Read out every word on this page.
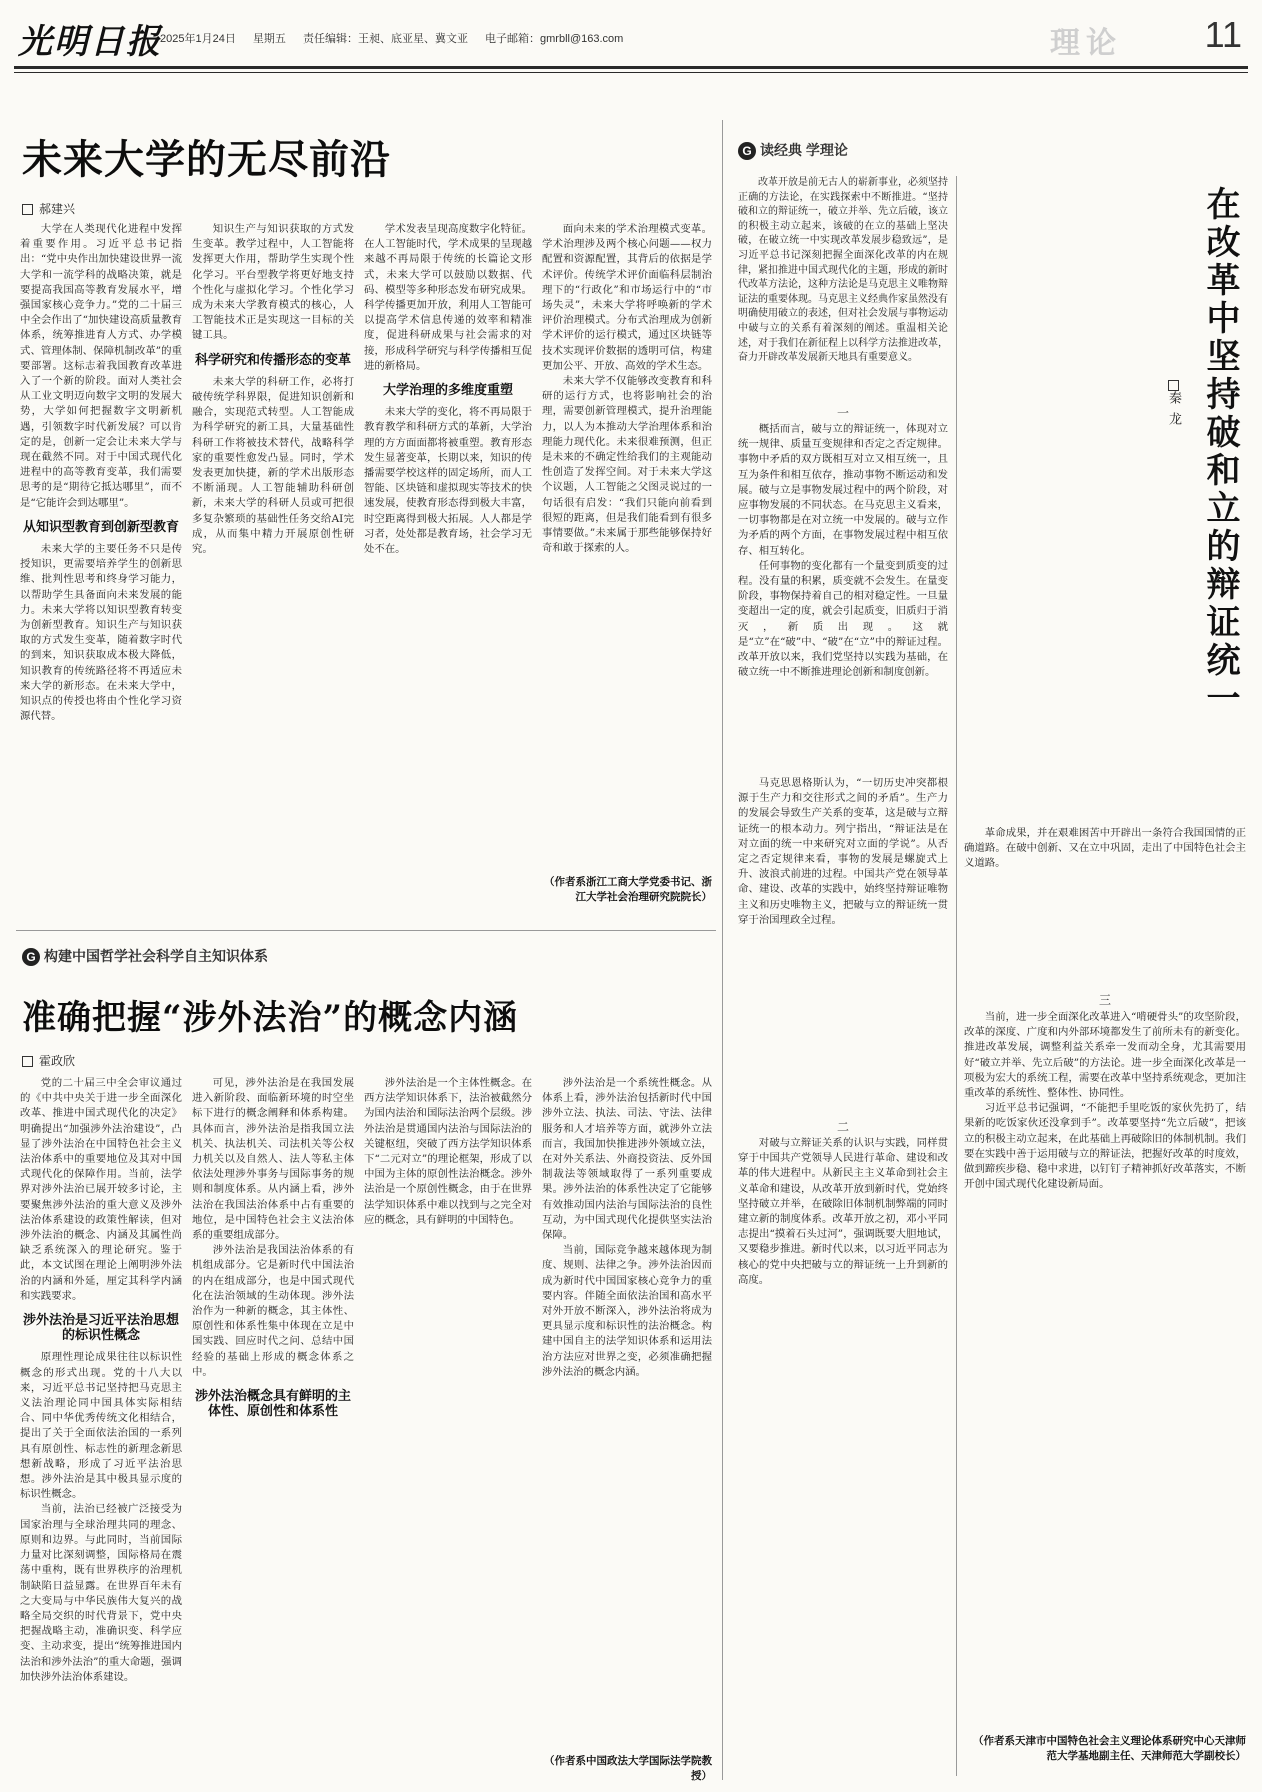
光明日报
2025年1月24日 星期五 责任编辑：王昶、底亚星、冀文亚 电子邮箱：gmrbll@163.com	理论 11
未来大学的无尽前沿
郝建兴

大学在人类现代化进程中发挥着重要作用。习近平总书记指出：“党中央作出加快建设世界一流大学和一流学科的战略决策，就是要提高我国高等教育发展水平，增强国家核心竞争力。”党的二十届三中全会作出了“加快建设高质量教育体系，统筹推进育人方式、办学模式、管理体制、保障机制改革”的重要部署。这标志着我国教育改革进入了一个新的阶段。面对人类社会从工业文明迈向数字文明的发展大势，大学如何把握数字文明新机遇，引领数字时代新发展？可以肯定的是，创新一定会让未来大学与现在截然不同。对于中国式现代化进程中的高等教育变革，我们需要思考的是“期待它抵达哪里”，而不是“它能许会到达哪里”。

从知识型教育到创新型教育

未来大学的主要任务不只是传授知识，更需要培养学生的创新思维、批判性思考和终身学习能力，以帮助学生具备面向未来发展的能力。未来大学将以知识型教育转变为创新型教育。知识生产与知识获取的方式发生变革，随着数字时代的到来，知识获取成本极大降低，知识教育的传统路径将不再适应未来大学的新形态。在未来大学中，知识点的传授也将由个性化学习资源代替。

知识生产与知识获取的方式发生变革。教学过程中，人工智能将发挥更大作用，帮助学生实现个性化学习。平台型教学将更好地支持个性化与虚拟化学习。个性化学习成为未来大学教育模式的核心，人工智能技术正是实现这一目标的关键工具。

科学研究和传播形态的变革

未来大学的科研工作，必将打破传统学科界限，促进知识创新和融合，实现范式转型。人工智能成为科学研究的新工具，大量基础性科研工作将被技术替代，战略科学家的重要性愈发凸显。同时，学术发表更加快捷，新的学术出版形态不断涌现。人工智能辅助科研创新，未来大学的科研人员或可把很多复杂繁琐的基础性任务交给AI完成，从而集中精力开展原创性研究。

学术发表呈现高度数字化特征。在人工智能时代，学术成果的呈现越来越不再局限于传统的长篇论文形式，未来大学可以鼓励以数据、代码、模型等多种形态发布研究成果。科学传播更加开放，利用人工智能可以提高学术信息传递的效率和精准度，促进科研成果与社会需求的对接，形成科学研究与科学传播相互促进的新格局。

大学治理的多维度重塑

未来大学的变化，将不再局限于教育教学和科研方式的革新，大学治理的方方面面都将被重塑。教育形态发生显著变革，长期以来，知识的传播需要学校这样的固定场所，而人工智能、区块链和虚拟现实等技术的快速发展，使教育形态得到极大丰富，时空距离得到极大拓展。人人都是学习者，处处都是教育场，社会学习无处不在。

面向未来的学术治理模式变革。学术治理涉及两个核心问题——权力配置和资源配置，其背后的依据是学术评价。传统学术评价面临科层制治理下的“行政化”和市场运行中的“市场失灵”，未来大学将呼唤新的学术评价治理模式。分布式治理成为创新学术评价的运行模式，通过区块链等技术实现评价数据的透明可信，构建更加公平、开放、高效的学术生态。

未来大学不仅能够改变教育和科研的运行方式，也将影响社会的治理，需要创新管理模式，提升治理能力，以人为本推动大学治理体系和治理能力现代化。未来很难预测，但正是未来的不确定性给我们的主观能动性创造了发挥空间。对于未来大学这个议题，人工智能之父图灵说过的一句话很有启发：“我们只能向前看到很短的距离，但是我们能看到有很多事情要做。”未来属于那些能够保持好奇和敢于探索的人。

（作者系浙江工商大学党委书记、浙江大学社会治理研究院院长）
G 构建中国哲学社会科学自主知识体系
准确把握“涉外法治”的概念内涵
霍政欣

党的二十届三中全会审议通过的《中共中央关于进一步全面深化改革、推进中国式现代化的决定》明确提出“加强涉外法治建设”，凸显了涉外法治在中国特色社会主义法治体系中的重要地位及其对中国式现代化的保障作用。当前，法学界对涉外法治已展开较多讨论，主要聚焦涉外法治的重大意义及涉外法治体系建设的政策性解读，但对涉外法治的概念、内涵及其属性尚缺乏系统深入的理论研究。鉴于此，本文试图在理论上阐明涉外法治的内涵和外延，厘定其科学内涵和实践要求。

涉外法治是习近平法治思想的标识性概念

原理性理论成果往往以标识性概念的形式出现。党的十八大以来，习近平总书记坚持把马克思主义法治理论同中国具体实际相结合、同中华优秀传统文化相结合，提出了关于全面依法治国的一系列具有原创性、标志性的新理念新思想新战略，形成了习近平法治思想。涉外法治是其中极具显示度的标识性概念。

当前，法治已经被广泛接受为国家治理与全球治理共同的理念、原则和边界。与此同时，当前国际力量对比深刻调整，国际格局在震荡中重构，既有世界秩序的治理机制缺陷日益显露。在世界百年未有之大变局与中华民族伟大复兴的战略全局交织的时代背景下，党中央把握战略主动，准确识变、科学应变、主动求变，提出“统筹推进国内法治和涉外法治”的重大命题，强调加快涉外法治体系建设。

可见，涉外法治是在我国发展进入新阶段、面临新环境的时空坐标下进行的概念阐释和体系构建。具体而言，涉外法治是指我国立法机关、执法机关、司法机关等公权力机关以及自然人、法人等私主体依法处理涉外事务与国际事务的规则和制度体系。从内涵上看，涉外法治在我国法治体系中占有重要的地位，是中国特色社会主义法治体系的重要组成部分。

涉外法治是我国法治体系的有机组成部分。它是新时代中国法治的内在组成部分，也是中国式现代化在法治领域的生动体现。涉外法治作为一种新的概念，其主体性、原创性和体系性集中体现在立足中国实践、回应时代之问、总结中国经验的基础上形成的概念体系之中。

涉外法治概念具有鲜明的主体性、原创性和体系性

涉外法治是一个主体性概念。在西方法学知识体系下，法治被截然分为国内法治和国际法治两个层级。涉外法治是贯通国内法治与国际法治的关键枢纽，突破了西方法学知识体系下“二元对立”的理论框架，形成了以中国为主体的原创性法治概念。涉外法治是一个原创性概念，由于在世界法学知识体系中难以找到与之完全对应的概念，具有鲜明的中国特色。

涉外法治是一个系统性概念。从体系上看，涉外法治包括新时代中国涉外立法、执法、司法、守法、法律服务和人才培养等方面，就涉外立法而言，我国加快推进涉外领域立法，在对外关系法、外商投资法、反外国制裁法等领域取得了一系列重要成果。涉外法治的体系性决定了它能够有效推动国内法治与国际法治的良性互动，为中国式现代化提供坚实法治保障。

当前，国际竞争越来越体现为制度、规则、法律之争。涉外法治因而成为新时代中国国家核心竞争力的重要内容。伴随全面依法治国和高水平对外开放不断深入，涉外法治将成为更具显示度和标识性的法治概念。构建中国自主的法学知识体系和运用法治方法应对世界之变，必须准确把握涉外法治的概念内涵。

（作者系中国政法大学国际法学院教授）
G 读经典 学理论
在改革中坚持破和立的辩证统一
秦龙

改革开放是前无古人的崭新事业，必须坚持正确的方法论，在实践探索中不断推进。“坚持破和立的辩证统一，破立并举、先立后破，该立的积极主动立起来，该破的在立的基础上坚决破，在破立统一中实现改革发展步稳致远”，是习近平总书记深刻把握全面深化改革的内在规律，紧扣推进中国式现代化的主题，形成的新时代改革方法论，这种方法论是马克思主义唯物辩证法的重要体现。马克思主义经典作家虽然没有明确使用破立的表述，但对社会发展与事物运动中破与立的关系有着深刻的阐述。重温相关论述，对于我们在新征程上以科学方法推进改革，奋力开辟改革发展新天地具有重要意义。

一

概括而言，破与立的辩证统一，体现对立统一规律、质量互变规律和否定之否定规律。事物中矛盾的双方既相互对立又相互统一，且互为条件和相互依存，推动事物不断运动和发展。破与立是事物发展过程中的两个阶段，对应事物发展的不同状态。在马克思主义看来，一切事物都是在对立统一中发展的。破与立作为矛盾的两个方面，在事物发展过程中相互依存、相互转化。

任何事物的变化都有一个量变到质变的过程。没有量的积累，质变就不会发生。在量变阶段，事物保持着自己的相对稳定性。一旦量变超出一定的度，就会引起质变，旧质归于消灭，新质出现。这就是“立”在“破”中、“破”在“立”中的辩证过程。改革开放以来，我们党坚持以实践为基础，在破立统一中不断推进理论创新和制度创新。

二

马克思恩格斯认为，“一切历史冲突都根源于生产力和交往形式之间的矛盾”。生产力的发展会导致生产关系的变革，这是破与立辩证统一的根本动力。列宁指出，“辩证法是在对立面的统一中来研究对立面的学说”。从否定之否定规律来看，事物的发展是螺旋式上升、波浪式前进的过程。中国共产党在领导革命、建设、改革的实践中，始终坚持辩证唯物主义和历史唯物主义，把破与立的辩证统一贯穿于治国理政全过程。

对破与立辩证关系的认识与实践，同样贯穿于中国共产党领导人民进行革命、建设和改革的伟大进程中。从新民主主义革命到社会主义革命和建设，从改革开放到新时代，党始终坚持破立并举，在破除旧体制机制弊端的同时建立新的制度体系。改革开放之初，邓小平同志提出“摸着石头过河”，强调既要大胆地试，又要稳步推进。新时代以来，以习近平同志为核心的党中央把破与立的辩证统一上升到新的高度。

革命成果，并在艰难困苦中开辟出一条符合我国国情的正确道路。在破中创新、又在立中巩固，走出了中国特色社会主义道路。

三

当前，进一步全面深化改革进入“啃硬骨头”的攻坚阶段，改革的深度、广度和内外部环境都发生了前所未有的新变化。推进改革发展，调整利益关系牵一发而动全身，尤其需要用好“破立并举、先立后破”的方法论。进一步全面深化改革是一项极为宏大的系统工程，需要在改革中坚持系统观念，更加注重改革的系统性、整体性、协同性。

习近平总书记强调，“不能把手里吃饭的家伙先扔了，结果新的吃饭家伙还没拿到手”。改革要坚持“先立后破”，把该立的积极主动立起来，在此基础上再破除旧的体制机制。我们要在实践中善于运用破与立的辩证法，把握好改革的时度效，做到蹄疾步稳、稳中求进，以钉钉子精神抓好改革落实，不断开创中国式现代化建设新局面。

（作者系天津市中国特色社会主义理论体系研究中心天津师范大学基地副主任、天津师范大学副校长）
